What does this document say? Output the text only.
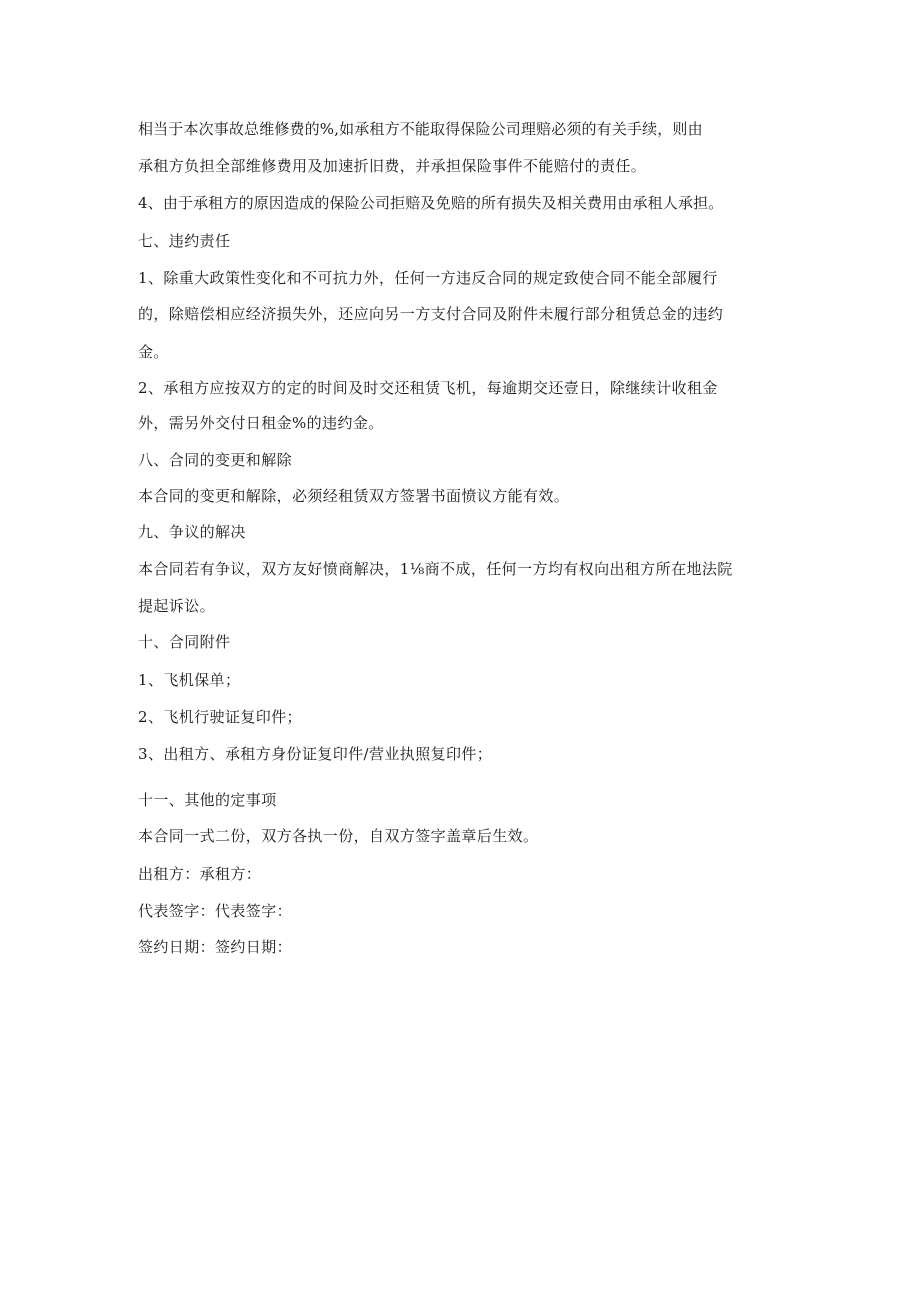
相当于本次事故总维修费的%,如承租方不能取得保险公司理赔必须的有关手续，则由
承租方负担全部维修费用及加速折旧费，并承担保险事件不能赔付的责任。
4、由于承租方的原因造成的保险公司拒赔及免赔的所有损失及相关费用由承租人承担。
七、违约责任
1、除重大政策性变化和不可抗力外，任何一方违反合同的规定致使合同不能全部履行
的，除赔偿相应经济损失外，还应向另一方支付合同及附件未履行部分租赁总金的违约
金。
2、承租方应按双方的定的时间及时交还租赁飞机，每逾期交还壹日，除继续计收租金
外，需另外交付日租金%的违约金。
八、合同的变更和解除
本合同的变更和解除，必须经租赁双方签署书面愤议方能有效。
九、争议的解决
本合同若有争议，双方友好愤商解决，1⅛商不成，任何一方均有权向出租方所在地法院
提起诉讼。
十、合同附件
1、飞机保单；
2、飞机行驶证复印件；
3、出租方、承租方身份证复印件/营业执照复印件；
十一、其他的定事项
本合同一式二份，双方各执一份，自双方签字盖章后生效。
出租方：承租方：
代表签字：代表签字：
签约日期：签约日期：
